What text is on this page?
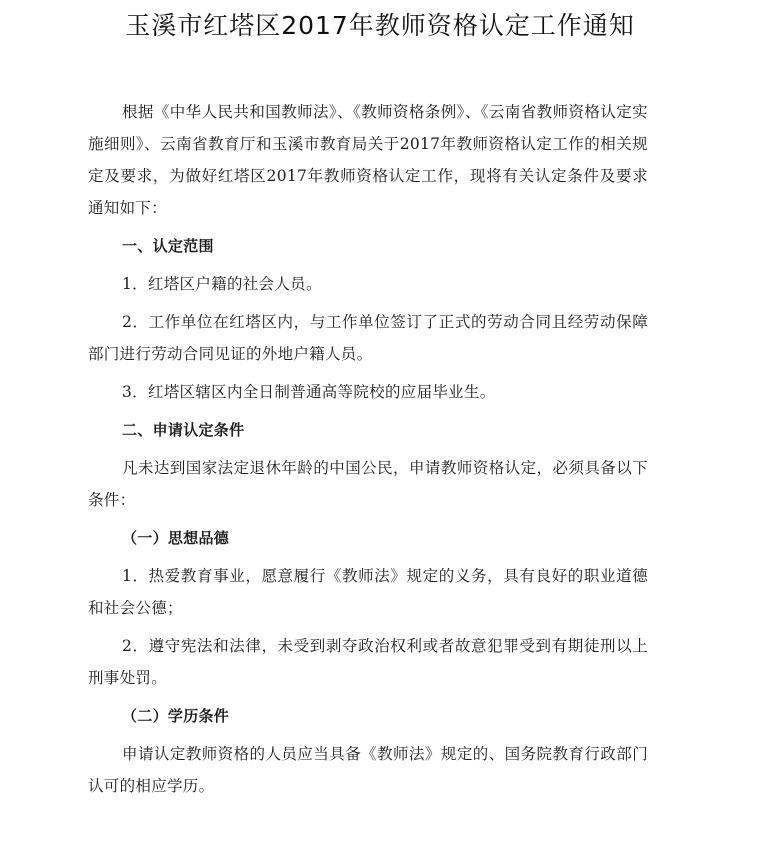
玉溪市红塔区2017年教师资格认定工作通知

根据《中华人民共和国教师法》、《教师资格条例》、《云南省教师资格认定实施细则》、云南省教育厅和玉溪市教育局关于2017年教师资格认定工作的相关规定及要求，为做好红塔区2017年教师资格认定工作，现将有关认定条件及要求通知如下：

一、认定范围

1．红塔区户籍的社会人员。

2．工作单位在红塔区内，与工作单位签订了正式的劳动合同且经劳动保障部门进行劳动合同见证的外地户籍人员。

3．红塔区辖区内全日制普通高等院校的应届毕业生。

二、申请认定条件

凡未达到国家法定退休年龄的中国公民，申请教师资格认定，必须具备以下条件：

（一）思想品德

1．热爱教育事业，愿意履行《教师法》规定的义务，具有良好的职业道德和社会公德；

2．遵守宪法和法律，未受到剥夺政治权利或者故意犯罪受到有期徒刑以上刑事处罚。

（二）学历条件

申请认定教师资格的人员应当具备《教师法》规定的、国务院教育行政部门认可的相应学历。
